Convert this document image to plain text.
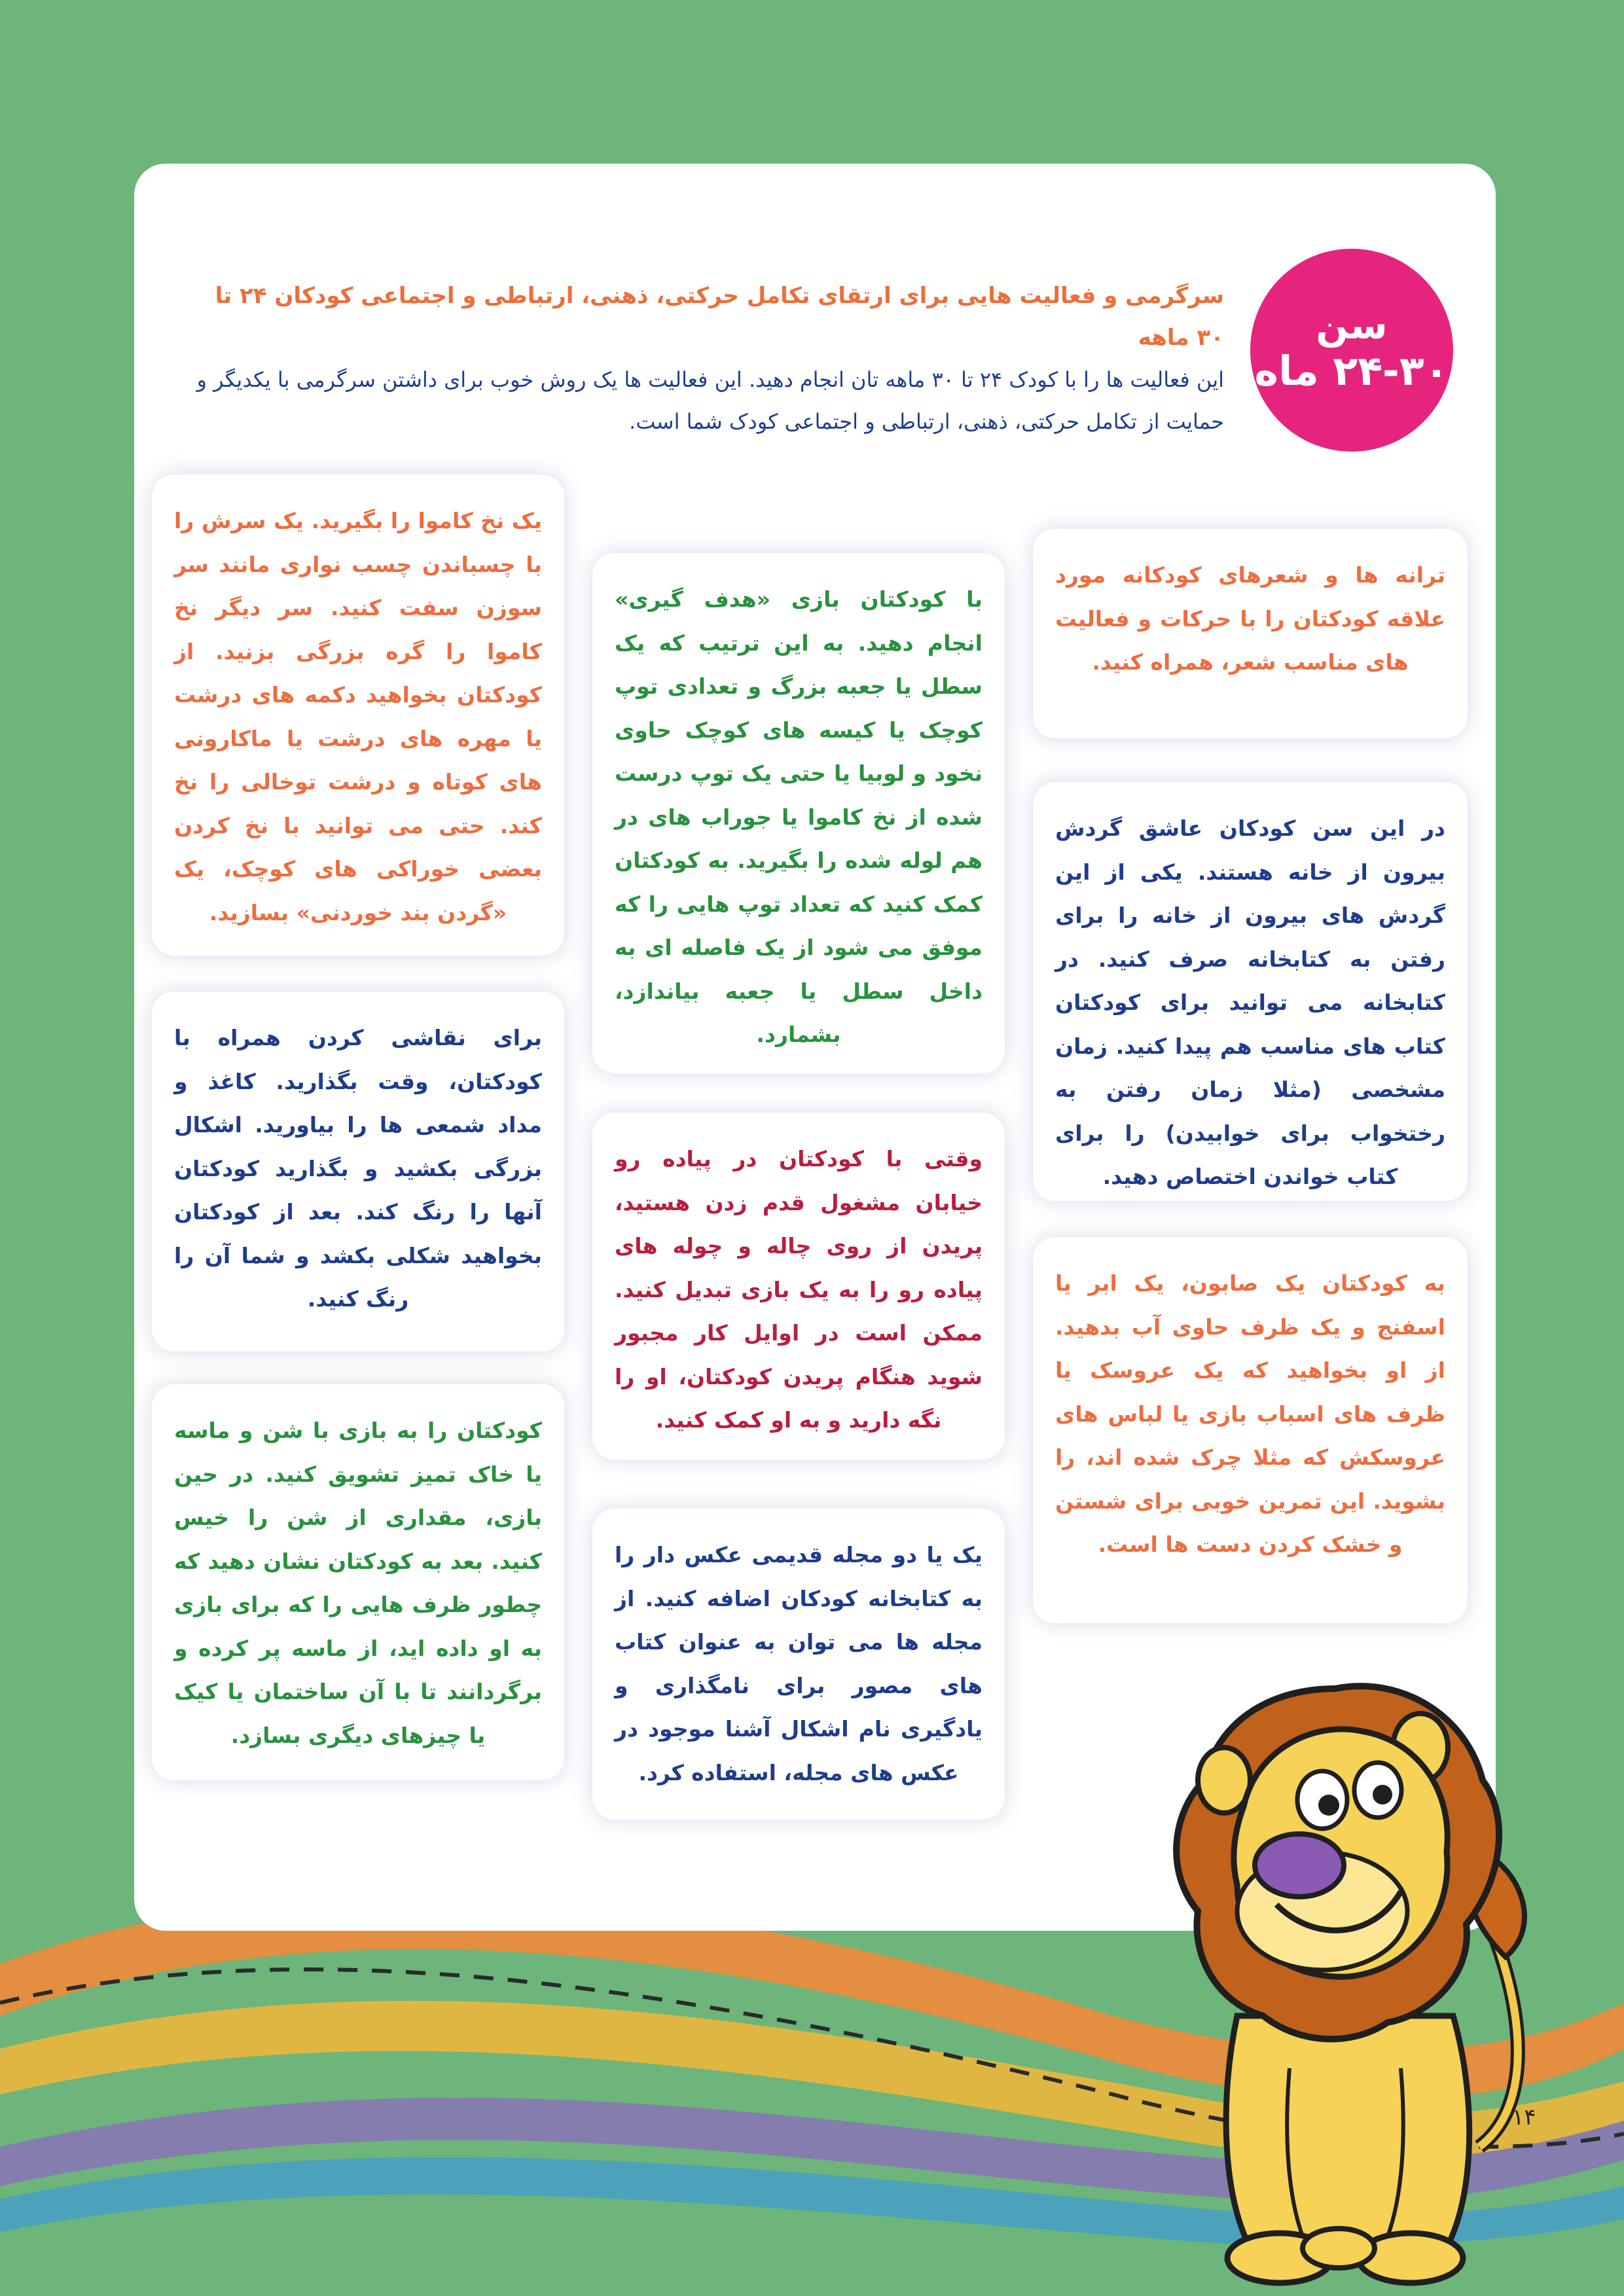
سن
۲۴-۳۰ ماه

سرگرمی و فعالیت هایی برای ارتقای تکامل حرکتی، ذهنی، ارتباطی و اجتماعی کودکان ۲۴ تا ۳۰ ماهه

این فعالیت ها را با کودک ۲۴ تا ۳۰ ماهه تان انجام دهید. این فعالیت ها یک روش خوب برای داشتن سرگرمی با یکدیگر و حمایت از تکامل حرکتی، ذهنی، ارتباطی و اجتماعی کودک شما است.

ترانه ها و شعرهای کودکانه مورد علاقه کودکتان را با حرکات و فعالیت های مناسب شعر، همراه کنید.

در این سن کودکان عاشق گردش بیرون از خانه هستند. یکی از این گردش های بیرون از خانه را برای رفتن به کتابخانه صرف کنید. در کتابخانه می توانید برای کودکتان کتاب های مناسب هم پیدا کنید. زمان مشخصی (مثلا زمان رفتن به رختخواب برای خوابیدن) را برای کتاب خواندن اختصاص دهید.

به کودکتان یک صابون، یک ابر یا اسفنج و یک ظرف حاوی آب بدهید. از او بخواهید که یک عروسک یا ظرف های اسباب بازی یا لباس های عروسکش که مثلا چرک شده اند، را بشوید. این تمرین خوبی برای شستن و خشک کردن دست ها است.

با کودکتان بازی «هدف گیری» انجام دهید. به این ترتیب که یک سطل یا جعبه بزرگ و تعدادی توپ کوچک یا کیسه های کوچک حاوی نخود و لوبیا یا حتی یک توپ درست شده از نخ کاموا یا جوراب های در هم لوله شده را بگیرید. به کودکتان کمک کنید که تعداد توپ هایی را که موفق می شود از یک فاصله ای به داخل سطل یا جعبه بیاندازد، بشمارد.

وقتی با کودکتان در پیاده رو خیابان مشغول قدم زدن هستید، پریدن از روی چاله و چوله های پیاده رو را به یک بازی تبدیل کنید. ممکن است در اوایل کار مجبور شوید هنگام پریدن کودکتان، او را نگه دارید و به او کمک کنید.

یک یا دو مجله قدیمی عکس دار را به کتابخانه کودکان اضافه کنید. از مجله ها می توان به عنوان کتاب های مصور برای نامگذاری و یادگیری نام اشکال آشنا موجود در عکس های مجله، استفاده کرد.

یک نخ کاموا را بگیرید. یک سرش را با چسباندن چسب نواری مانند سر سوزن سفت کنید. سر دیگر نخ کاموا را گره بزرگی بزنید. از کودکتان بخواهید دکمه های درشت یا مهره های درشت یا ماکارونی های کوتاه و درشت توخالی را نخ کند. حتی می توانید با نخ کردن بعضی خوراکی های کوچک، یک «گردن بند خوردنی» بسازید.

برای نقاشی کردن همراه با کودکتان، وقت بگذارید. کاغذ و مداد شمعی ها را بیاورید. اشکال بزرگی بکشید و بگذارید کودکتان آنها را رنگ کند. بعد از کودکتان بخواهید شکلی بکشد و شما آن را رنگ کنید.

کودکتان را به بازی با شن و ماسه یا خاک تمیز تشویق کنید. در حین بازی، مقداری از شن را خیس کنید. بعد به کودکتان نشان دهید که چطور ظرف هایی را که برای بازی به او داده اید، از ماسه پر کرده و برگردانند تا با آن ساختمان یا کیک یا چیزهای دیگری بسازد.

۱۴
